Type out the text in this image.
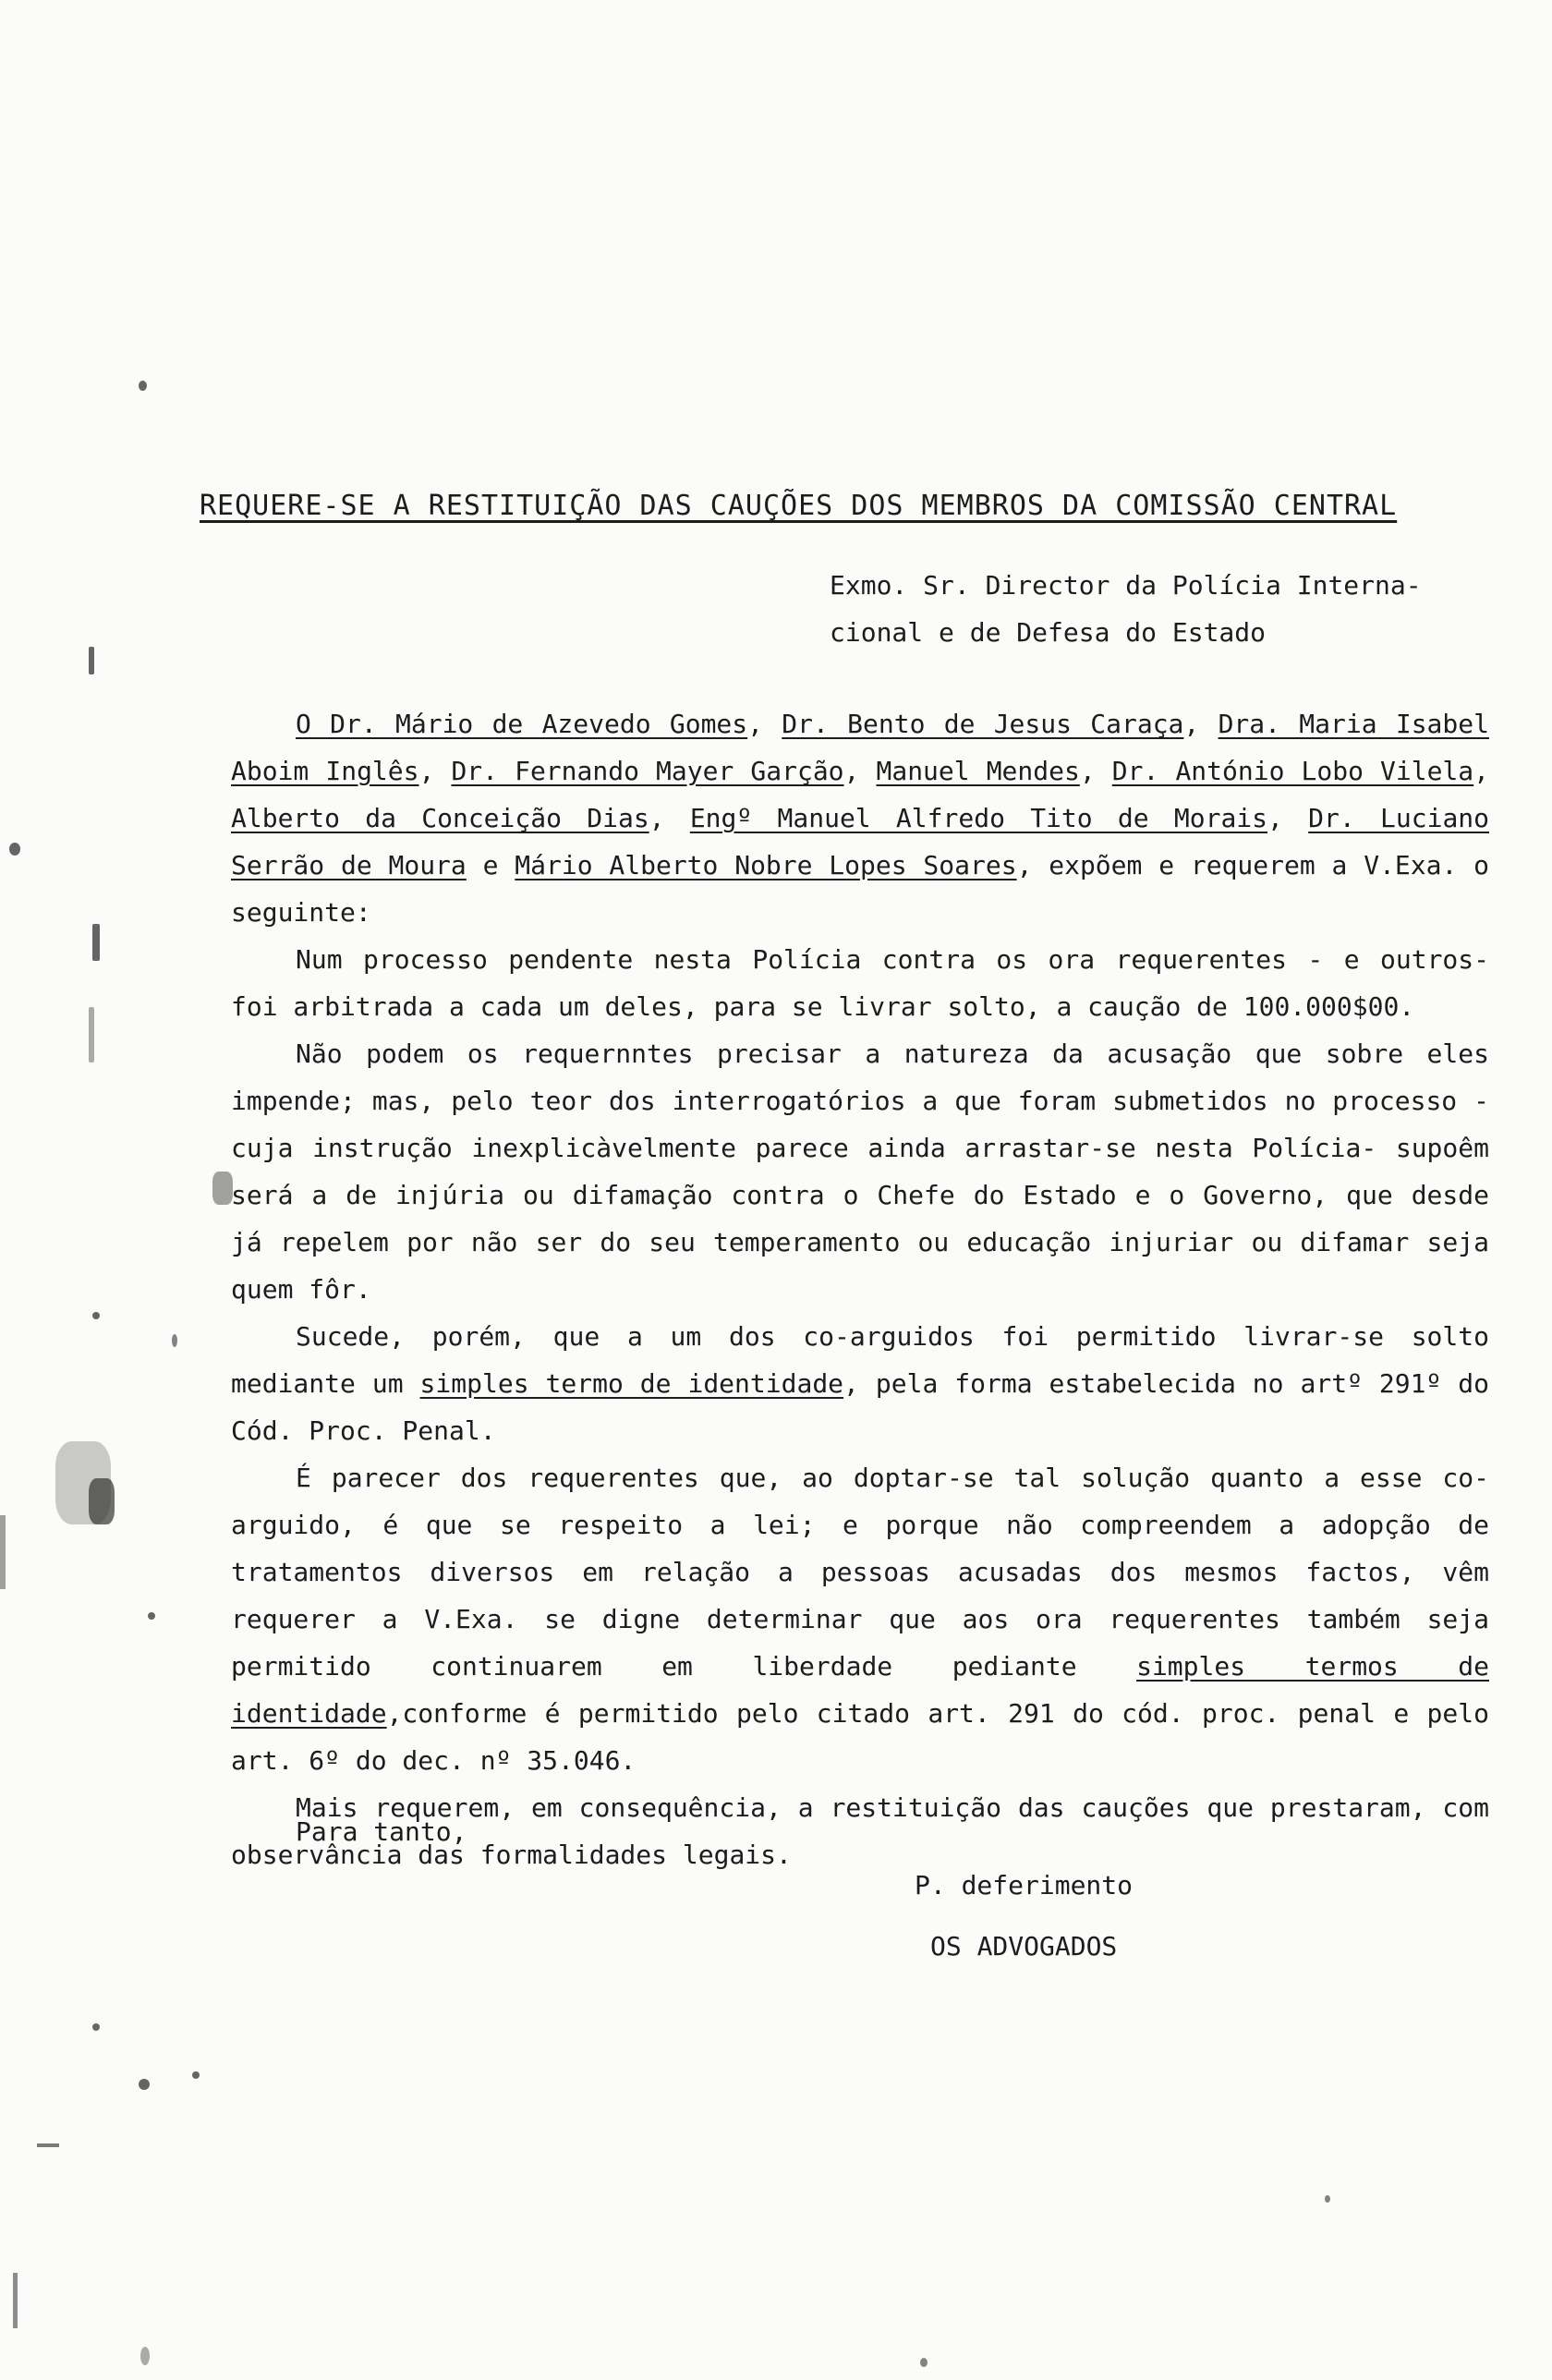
REQUERE-SE A RESTITUIÇÃO DAS CAUÇÕES DOS MEMBROS DA COMISSÃO CENTRAL
Exmo. Sr. Director da Polícia Interna-
cional e de Defesa do Estado

O Dr. Mário de Azevedo Gomes, Dr. Bento de Jesus Caraça, Dra. Maria Isabel Aboim Inglês, Dr. Fernando Mayer Garção, Manuel Mendes, Dr. António Lobo Vilela, Alberto da Conceição Dias, Engº Manuel Alfredo Tito de Morais, Dr. Luciano Serrão de Moura e Mário Alberto Nobre Lopes Soares, expõem e requerem a V.Exa. o seguinte:

Num processo pendente nesta Polícia contra os ora requerentes - e outros- foi arbitrada a cada um deles, para se livrar solto, a caução de 100.000$00.

Não podem os requernntes precisar a natureza da acusação que sobre eles impende; mas, pelo teor dos interrogatórios a que foram submetidos no processo -cuja instrução inexplicàvelmente parece ainda arrastar-se nesta Polícia- supoêm será a de injúria ou difamação contra o Chefe do Estado e o Governo, que desde já repelem por não ser do seu temperamento ou educação injuriar ou difamar seja quem fôr.

Sucede, porém, que a um dos co-arguidos foi permitido livrar-se solto mediante um simples termo de identidade, pela forma estabelecida no artº 291º do Cód. Proc. Penal.

É parecer dos requerentes que, ao doptar-se tal solução quanto a esse co-arguido, é que se respeito a lei; e porque não compreendem a adopção de tratamentos diversos em relação a pessoas acusadas dos mesmos factos, vêm requerer a V.Exa. se digne determinar que aos ora requerentes também seja permitido continuarem em liberdade pediante simples termos de identidade,conforme é permitido pelo citado art. 291 do cód. proc. penal e pelo art. 6º do dec. nº 35.046.

Mais requerem, em consequência, a restituição das cauções que prestaram, com observância das formalidades legais.

Para tanto,
P. deferimento
OS ADVOGADOS
